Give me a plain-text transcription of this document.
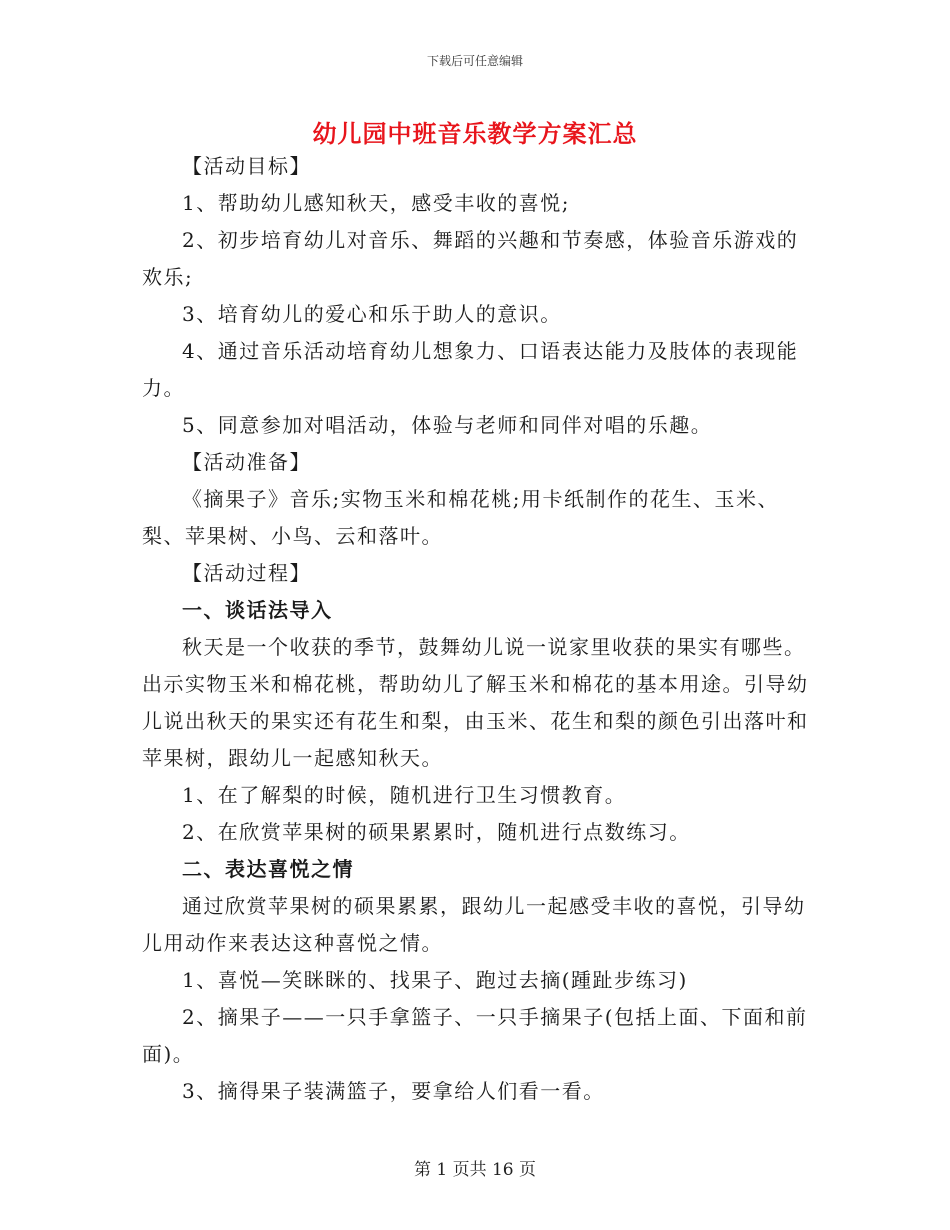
下载后可任意编辑
幼儿园中班音乐教学方案汇总

【活动目标】

1、帮助幼儿感知秋天，感受丰收的喜悦;

2、初步培育幼儿对音乐、舞蹈的兴趣和节奏感，体验音乐游戏的欢乐;

3、培育幼儿的爱心和乐于助人的意识。

4、通过音乐活动培育幼儿想象力、口语表达能力及肢体的表现能力。

5、同意参加对唱活动，体验与老师和同伴对唱的乐趣。

【活动准备】

《摘果子》音乐;实物玉米和棉花桃;用卡纸制作的花生、玉米、梨、苹果树、小鸟、云和落叶。

【活动过程】

一、谈话法导入

秋天是一个收获的季节，鼓舞幼儿说一说家里收获的果实有哪些。出示实物玉米和棉花桃，帮助幼儿了解玉米和棉花的基本用途。引导幼儿说出秋天的果实还有花生和梨，由玉米、花生和梨的颜色引出落叶和苹果树，跟幼儿一起感知秋天。

1、在了解梨的时候，随机进行卫生习惯教育。

2、在欣赏苹果树的硕果累累时，随机进行点数练习。

二、表达喜悦之情

通过欣赏苹果树的硕果累累，跟幼儿一起感受丰收的喜悦，引导幼儿用动作来表达这种喜悦之情。

1、喜悦—笑眯眯的、找果子、跑过去摘(踵趾步练习)

2、摘果子——一只手拿篮子、一只手摘果子(包括上面、下面和前面)。

3、摘得果子装满篮子，要拿给人们看一看。

第 1 页共 16 页
